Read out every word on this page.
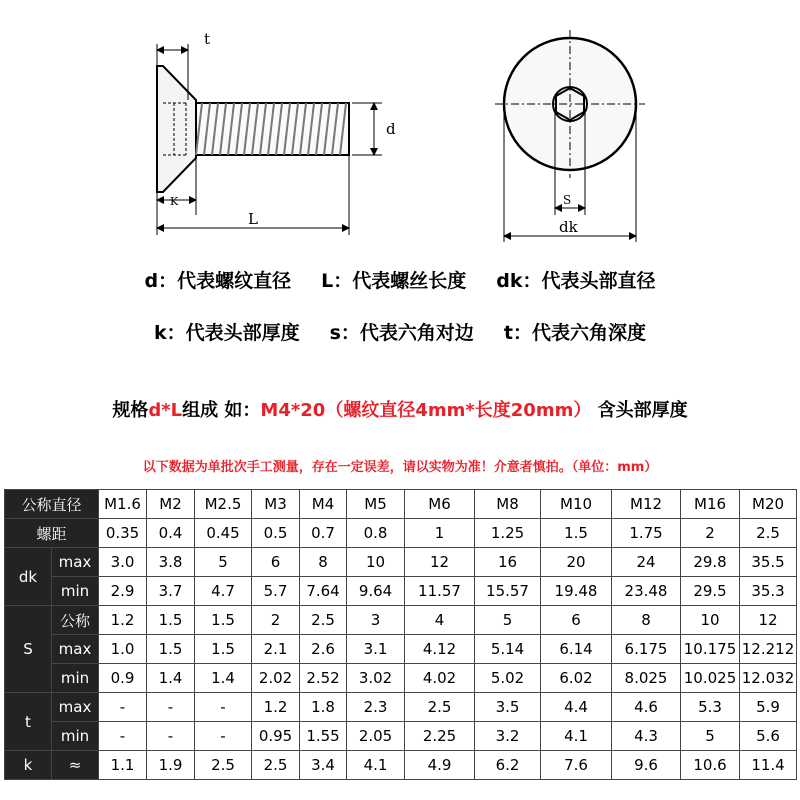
t
d
K
L
S
dk
d：代表螺纹直径 L：代表螺丝长度 dk：代表头部直径
k：代表头部厚度 s：代表六角对边 t：代表六角深度
规格d*L组成 如：M4*20（螺纹直径4mm*长度20mm） 含头部厚度
以下数据为单批次手工测量，存在一定误差，请以实物为准！介意者慎拍。（单位：mm）
公称直径		M1.6	M2	M2.5	M3	M4	M5	M6	M8	M10	M12	M16	M20
螺距		0.35	0.4	0.45	0.5	0.7	0.8	1	1.25	1.5	1.75	2	2.5
dk	max	3.0	3.8	5	6	8	10	12	16	20	24	29.8	35.5
	min	2.9	3.7	4.7	5.7	7.64	9.64	11.57	15.57	19.48	23.48	29.5	35.3
S	公称	1.2	1.5	1.5	2	2.5	3	4	5	6	8	10	12
	max	1.0	1.5	1.5	2.1	2.6	3.1	4.12	5.14	6.14	6.175	10.175	12.212
	min	0.9	1.4	1.4	2.02	2.52	3.02	4.02	5.02	6.02	8.025	10.025	12.032
t	max	-	-	-	1.2	1.8	2.3	2.5	3.5	4.4	4.6	5.3	5.9
	min	-	-	-	0.95	1.55	2.05	2.25	3.2	4.1	4.3	5	5.6
k	≈	1.1	1.9	2.5	2.5	3.4	4.1	4.9	6.2	7.6	9.6	10.6	11.4
